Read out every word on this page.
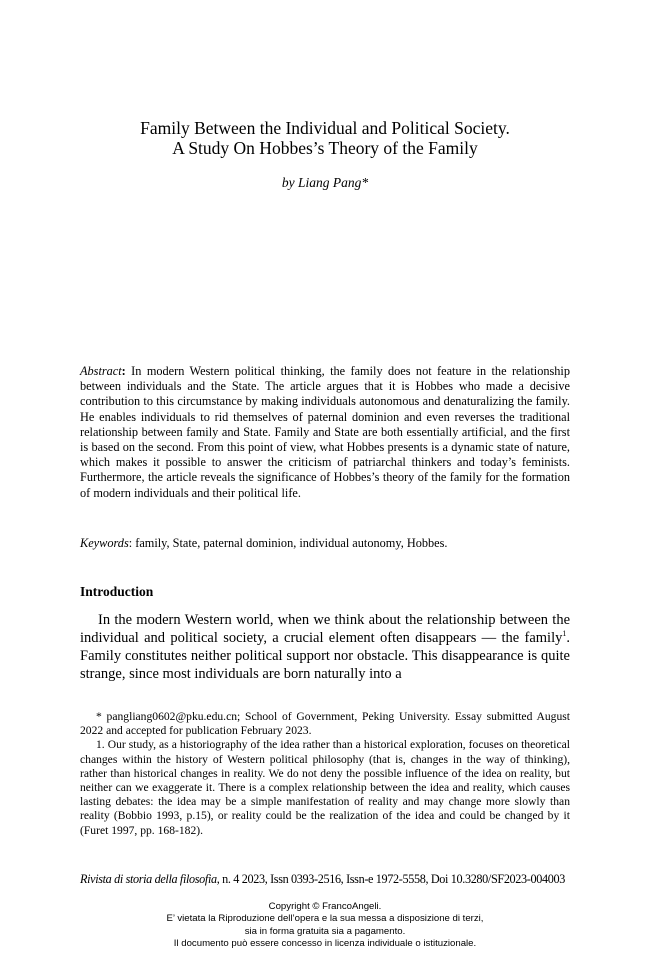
Family Between the Individual and Political Society.
A Study On Hobbes’s Theory of the Family
by Liang Pang*
Abstract: In modern Western political thinking, the family does not feature in the relationship between individuals and the State. The article argues that it is Hobbes who made a decisive contribution to this circumstance by making individuals autonomous and denaturalizing the family. He enables individuals to rid themselves of paternal dominion and even reverses the traditional relationship between family and State. Family and State are both essentially artificial, and the first is based on the second. From this point of view, what Hobbes presents is a dynamic state of nature, which makes it possible to answer the criticism of patriarchal thinkers and today’s feminists. Furthermore, the article reveals the significance of Hobbes’s theory of the family for the formation of modern individuals and their political life.
Keywords: family, State, paternal dominion, individual autonomy, Hobbes.
Introduction

In the modern Western world, when we think about the relationship between the individual and political society, a crucial element often disappears — the family$^1$. Family constitutes neither political support nor obstacle. This disappearance is quite strange, since most individuals are born naturally into a

* pangliang0602@pku.edu.cn; School of Government, Peking University. Essay submitted August 2022 and accepted for publication February 2023.

1. Our study, as a historiography of the idea rather than a historical exploration, focuses on theoretical changes within the history of Western political philosophy (that is, changes in the way of thinking), rather than historical changes in reality. We do not deny the possible influence of the idea on reality, but neither can we exaggerate it. There is a complex relationship between the idea and reality, which causes lasting debates: the idea may be a simple manifestation of reality and may change more slowly than reality (Bobbio 1993, p.15), or reality could be the realization of the idea and could be changed by it (Furet 1997, pp. 168-182).

Rivista di storia della filosofia, n. 4 2023, Issn 0393-2516, Issn-e 1972-5558, Doi 10.3280/SF2023-004003
Copyright © FrancoAngeli.
E’ vietata la Riproduzione dell’opera e la sua messa a disposizione di terzi,
sia in forma gratuita sia a pagamento.
Il documento può essere concesso in licenza individuale o istituzionale.
